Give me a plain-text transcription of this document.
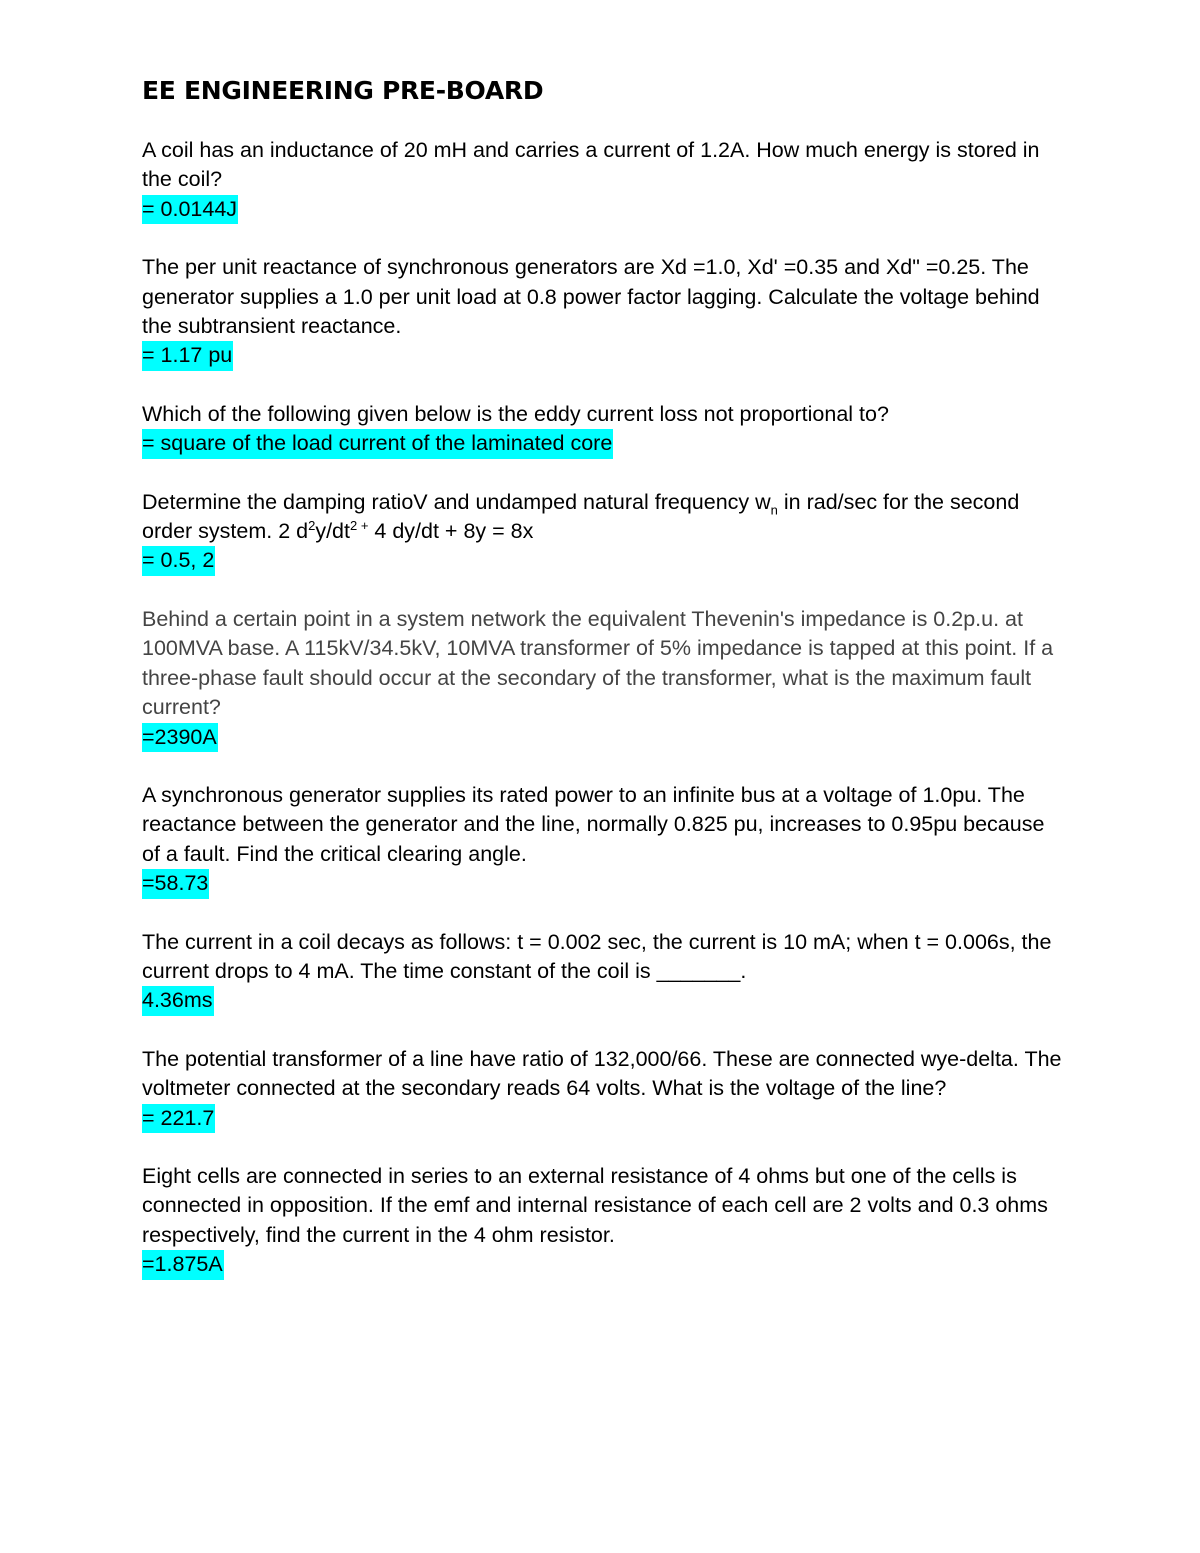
EE ENGINEERING PRE-BOARD

A coil has an inductance of 20 mH and carries a current of 1.2A. How much energy is stored in the coil?

= 0.0144J

The per unit reactance of synchronous generators are Xd =1.0, Xd' =0.35 and Xd" =0.25. The generator supplies a 1.0 per unit load at 0.8 power factor lagging. Calculate the voltage behind the subtransient reactance.

= 1.17 pu

Which of the following given below is the eddy current loss not proportional to?

= square of the load current of the laminated core

Determine the damping ratioV and undamped natural frequency $w_n$ in rad/sec for the second order system. 2 $d^2y/dt^{2 +}$ 4 dy/dt + 8y = 8x

= 0.5, 2

Behind a certain point in a system network the equivalent Thevenin's impedance is 0.2p.u. at 100MVA base. A 115kV/34.5kV, 10MVA transformer of 5% impedance is tapped at this point. If a three-phase fault should occur at the secondary of the transformer, what is the maximum fault current?

=2390A

A synchronous generator supplies its rated power to an infinite bus at a voltage of 1.0pu. The reactance between the generator and the line, normally 0.825 pu, increases to 0.95pu because of a fault. Find the critical clearing angle.

=58.73

The current in a coil decays as follows: t = 0.002 sec, the current is 10 mA; when t = 0.006s, the current drops to 4 mA. The time constant of the coil is _______.

4.36ms

The potential transformer of a line have ratio of 132,000/66. These are connected wye-delta. The voltmeter connected at the secondary reads 64 volts. What is the voltage of the line?

= 221.7

Eight cells are connected in series to an external resistance of 4 ohms but one of the cells is connected in opposition. If the emf and internal resistance of each cell are 2 volts and 0.3 ohms respectively, find the current in the 4 ohm resistor.

=1.875A
